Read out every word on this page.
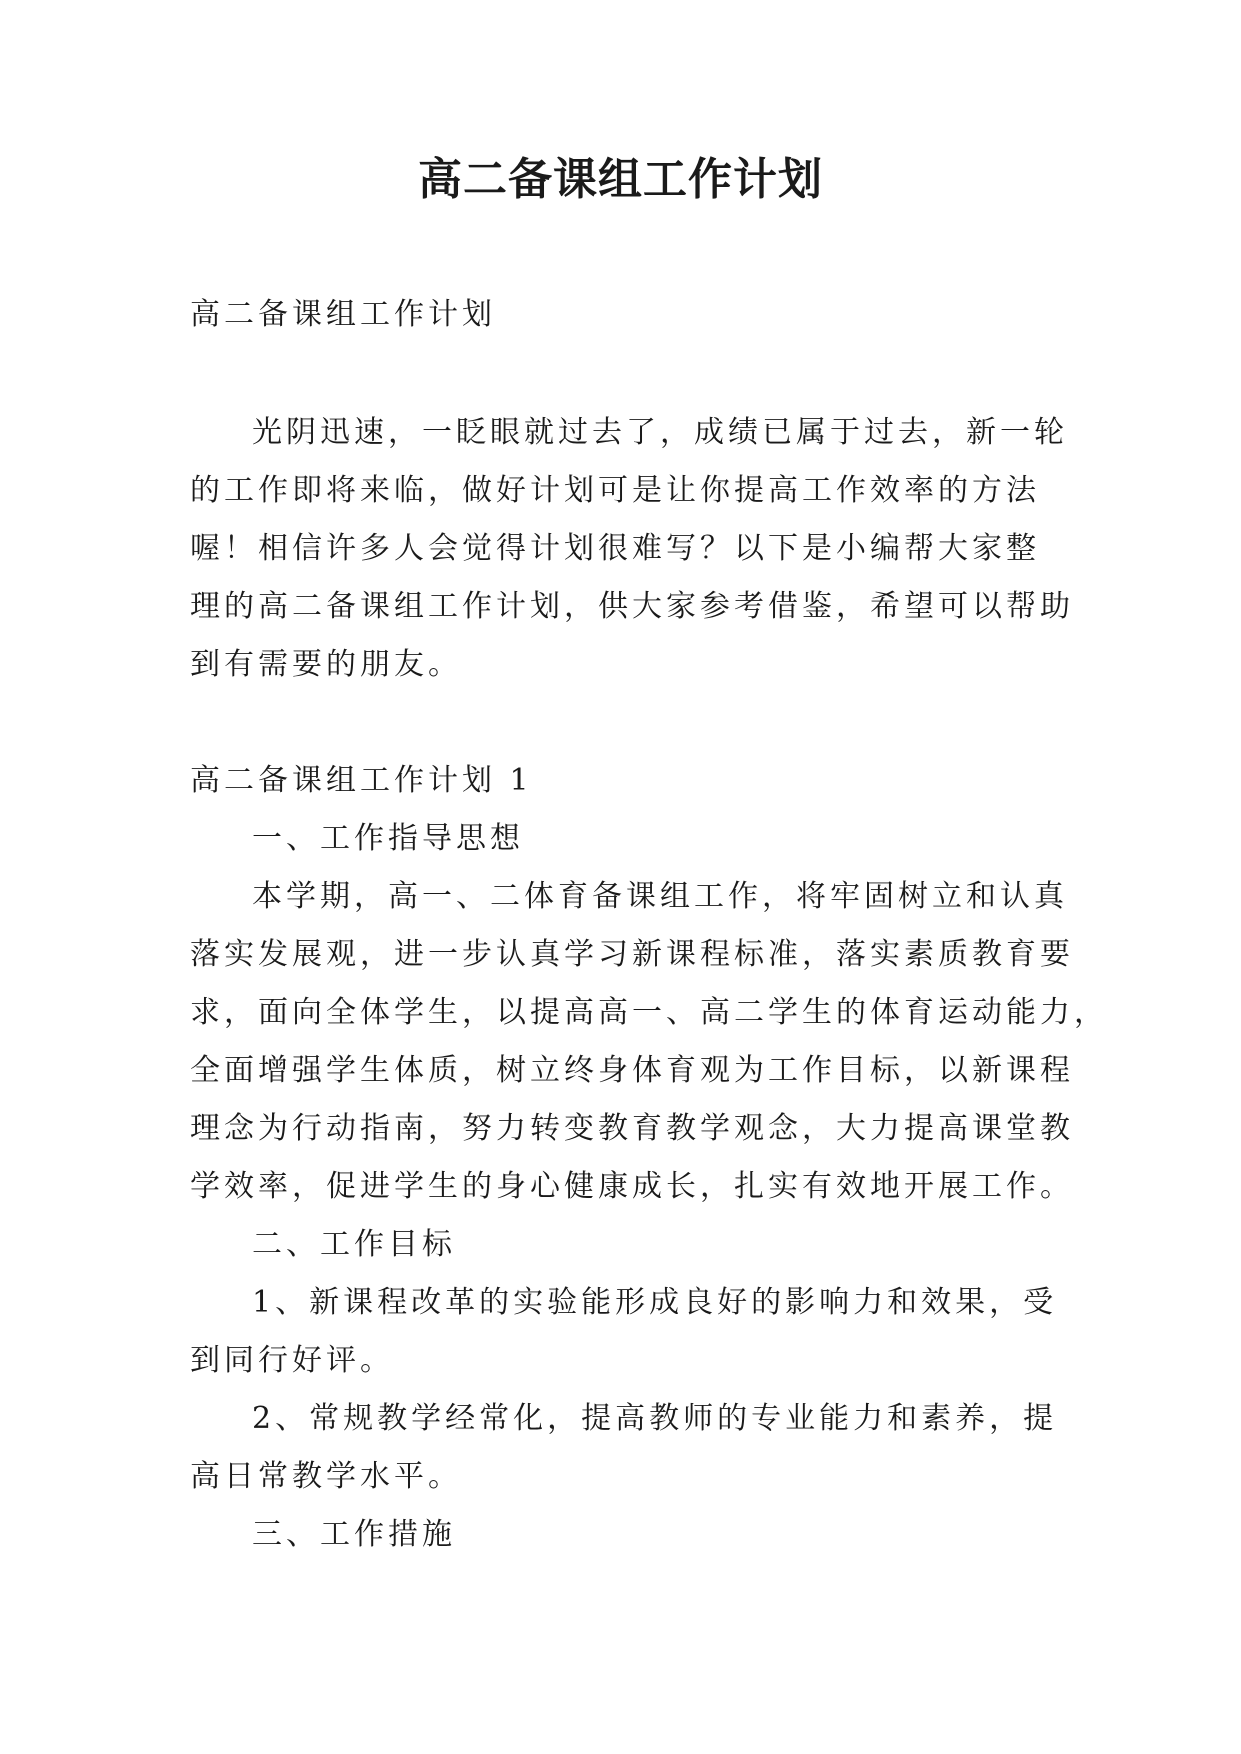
高二备课组工作计划
高二备课组工作计划
光阴迅速，一眨眼就过去了，成绩已属于过去，新一轮
的工作即将来临，做好计划可是让你提高工作效率的方法
喔！相信许多人会觉得计划很难写？以下是小编帮大家整
理的高二备课组工作计划，供大家参考借鉴，希望可以帮助
到有需要的朋友。
高二备课组工作计划 1
一、工作指导思想
本学期，高一、二体育备课组工作，将牢固树立和认真
落实发展观，进一步认真学习新课程标准，落实素质教育要
求，面向全体学生，以提高高一、高二学生的体育运动能力，
全面增强学生体质，树立终身体育观为工作目标，以新课程
理念为行动指南，努力转变教育教学观念，大力提高课堂教
学效率，促进学生的身心健康成长，扎实有效地开展工作。
二、工作目标
1、新课程改革的实验能形成良好的影响力和效果，受
到同行好评。
2、常规教学经常化，提高教师的专业能力和素养，提
高日常教学水平。
三、工作措施
